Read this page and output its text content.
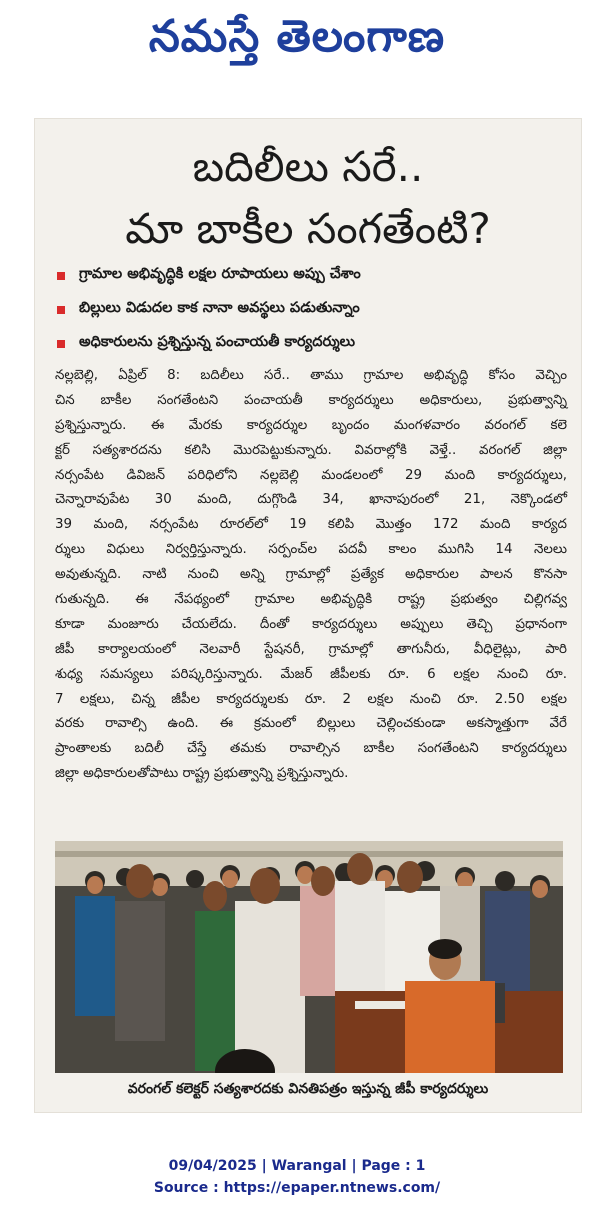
నమస్తే తెలంగాణ
బదిలీలు సరే..
మా బాకీల సంగతేంటి?
గ్రామాల అభివృద్ధికి లక్షల రూపాయలు అప్పు చేశాం
బిల్లులు విడుదల కాక నానా అవస్థలు పడుతున్నాం
అధికారులను ప్రశ్నిస్తున్న పంచాయతీ కార్యదర్శులు
నల్లబెల్లి, ఏప్రిల్ 8: బదిలీలు సరే.. తాము గ్రామాల అభివృద్ధి కోసం వెచ్చిం
చిన బాకీల సంగతేంటని పంచాయతీ కార్యదర్శులు అధికారులు, ప్రభుత్వాన్ని
ప్రశ్నిస్తున్నారు. ఈ మేరకు కార్యదర్శుల బృందం మంగళవారం వరంగల్ కలె
క్టర్ సత్యశారదను కలిసి మొరపెట్టుకున్నారు. వివరాల్లోకి వెళ్తే.. వరంగల్ జిల్లా
నర్సంపేట డివిజన్ పరిధిలోని నల్లబెల్లి మండలంలో 29 మంది కార్యదర్శులు,
చెన్నారావుపేట 30 మంది, దుగ్గొండి 34, ఖానాపురంలో 21, నెక్కొండలో
39 మంది, నర్సంపేట రూరల్‌లో 19 కలిపి మొత్తం 172 మంది కార్యద
ర్శులు విధులు నిర్వర్తిస్తున్నారు. సర్పంచ్‌ల పదవీ కాలం ముగిసి 14 నెలలు
అవుతున్నది. నాటి నుంచి అన్ని గ్రామాల్లో ప్రత్యేక అధికారుల పాలన కొనసా
గుతున్నది. ఈ నేపథ్యంలో గ్రామాల అభివృద్ధికి రాష్ట్ర ప్రభుత్వం చిల్లిగవ్వ
కూడా మంజూరు చేయలేదు. దీంతో కార్యదర్శులు అప్పులు తెచ్చి ప్రధానంగా
జీపీ కార్యాలయంలో నెలవారీ స్టేషనరీ, గ్రామాల్లో తాగునీరు, వీధిలైట్లు, పారి
శుధ్య సమస్యలు పరిష్కరిస్తున్నారు. మేజర్ జీపీలకు రూ. 6 లక్షల నుంచి రూ.
7 లక్షలు, చిన్న జీపీల కార్యదర్శులకు రూ. 2 లక్షల నుంచి రూ. 2.50 లక్షల
వరకు రావాల్సి ఉంది. ఈ క్రమంలో బిల్లులు చెల్లించకుండా అకస్మాత్తుగా వేరే
ప్రాంతాలకు బదిలీ చేస్తే తమకు రావాల్సిన బాకీల సంగతేంటని కార్యదర్శులు
జిల్లా అధికారులతోపాటు రాష్ట్ర ప్రభుత్వాన్ని ప్రశ్నిస్తున్నారు.
వరంగల్ కలెక్టర్ సత్యశారదకు వినతిపత్రం ఇస్తున్న జీపీ కార్యదర్శులు
09/04/2025 | Warangal | Page : 1
Source : https://epaper.ntnews.com/
